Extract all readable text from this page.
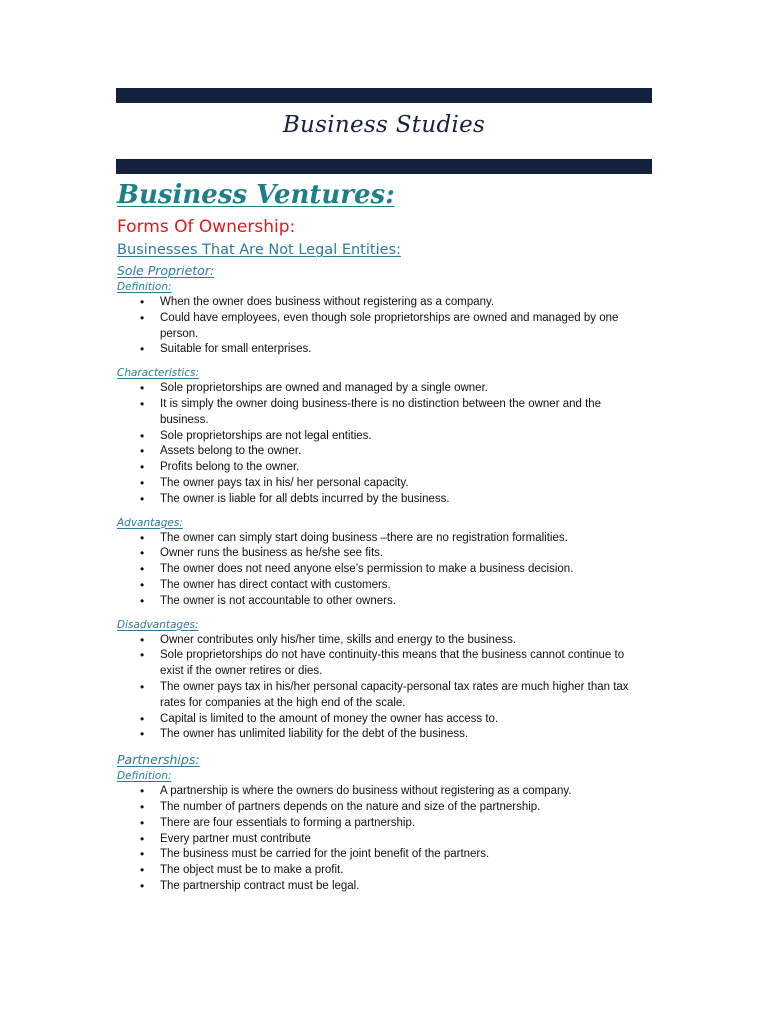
Business Studies
Business Ventures:
Forms Of Ownership:
Businesses That Are Not Legal Entities:
Sole Proprietor:
Definition:
• When the owner does business without registering as a company.
• Could have employees, even though sole proprietorships are owned and managed by one person.
• Suitable for small enterprises.
Characteristics:
• Sole proprietorships are owned and managed by a single owner.
• It is simply the owner doing business-there is no distinction between the owner and the business.
• Sole proprietorships are not legal entities.
• Assets belong to the owner.
• Profits belong to the owner.
• The owner pays tax in his/ her personal capacity.
• The owner is liable for all debts incurred by the business.
Advantages:
• The owner can simply start doing business –there are no registration formalities.
• Owner runs the business as he/she see fits.
• The owner does not need anyone else’s permission to make a business decision.
• The owner has direct contact with customers.
• The owner is not accountable to other owners.
Disadvantages:
• Owner contributes only his/her time, skills and energy to the business.
• Sole proprietorships do not have continuity-this means that the business cannot continue to exist if the owner retires or dies.
• The owner pays tax in his/her personal capacity-personal tax rates are much higher than tax rates for companies at the high end of the scale.
• Capital is limited to the amount of money the owner has access to.
• The owner has unlimited liability for the debt of the business.
Partnerships:
Definition:
• A partnership is where the owners do business without registering as a company.
• The number of partners depends on the nature and size of the partnership.
• There are four essentials to forming a partnership.
• Every partner must contribute
• The business must be carried for the joint benefit of the partners.
• The object must be to make a profit.
• The partnership contract must be legal.
